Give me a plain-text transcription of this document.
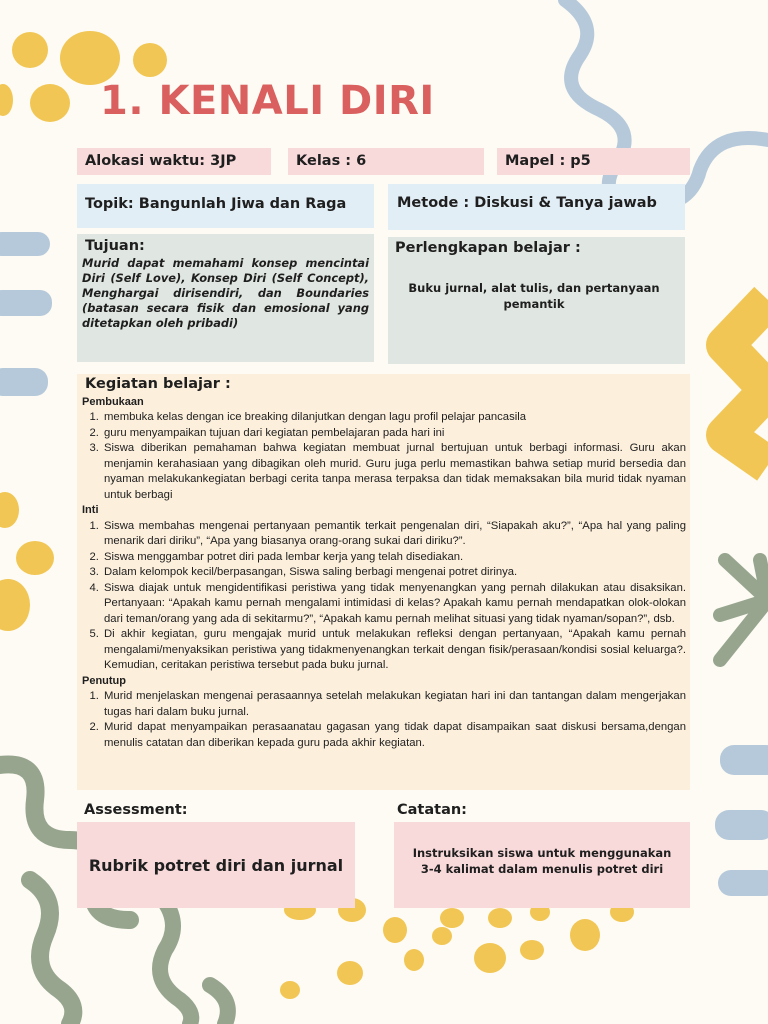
1. KENALI DIRI
Alokasi waktu: 3JP	Kelas : 6	Mapel : p5
Topik: Bangunlah Jiwa dan Raga	Metode : Diskusi & Tanya jawab
Tujuan:
Murid dapat memahami konsep mencintai Diri (Self Love), Konsep Diri (Self Concept), Menghargai dirisendiri, dan Boundaries (batasan secara fisik dan emosional yang ditetapkan oleh pribadi)
Perlengkapan belajar :
Buku jurnal, alat tulis, dan pertanyaan pemantik
Kegiatan belajar :
Pembukaan
1. membuka kelas dengan ice breaking dilanjutkan dengan lagu profil pelajar pancasila
2. guru menyampaikan tujuan dari kegiatan pembelajaran pada hari ini
3. Siswa diberikan pemahaman bahwa kegiatan membuat jurnal bertujuan untuk berbagi informasi. Guru akan menjamin kerahasiaan yang dibagikan oleh murid. Guru juga perlu memastikan bahwa setiap murid bersedia dan nyaman melakukankegiatan berbagi cerita tanpa merasa terpaksa dan tidak memaksakan bila murid tidak nyaman untuk berbagi
Inti
1. Siswa membahas mengenai pertanyaan pemantik terkait pengenalan diri, “Siapakah aku?”, “Apa hal yang paling menarik dari diriku”, “Apa yang biasanya orang-orang sukai dari diriku?”.
2. Siswa menggambar potret diri pada lembar kerja yang telah disediakan.
3. Dalam kelompok kecil/berpasangan, Siswa saling berbagi mengenai potret dirinya.
4. Siswa diajak untuk mengidentifikasi peristiwa yang tidak menyenangkan yang pernah dilakukan atau disaksikan. Pertanyaan: “Apakah kamu pernah mengalami intimidasi di kelas? Apakah kamu pernah mendapatkan olok-olokan dari teman/orang yang ada di sekitarmu?”, “Apakah kamu pernah melihat situasi yang tidak nyaman/sopan?”, dsb.
5. Di akhir kegiatan, guru mengajak murid untuk melakukan refleksi dengan pertanyaan, “Apakah kamu pernah mengalami/menyaksikan peristiwa yang tidakmenyenangkan terkait dengan fisik/perasaan/kondisi sosial keluarga?. Kemudian, ceritakan peristiwa tersebut pada buku jurnal.
Penutup
1. Murid menjelaskan mengenai perasaannya setelah melakukan kegiatan hari ini dan tantangan dalam mengerjakan tugas hari dalam buku jurnal.
2. Murid dapat menyampaikan perasaanatau gagasan yang tidak dapat disampaikan saat diskusi bersama,dengan menulis catatan dan diberikan kepada guru pada akhir kegiatan.
Assessment:
Rubrik potret diri dan jurnal
Catatan:
Instruksikan siswa untuk menggunakan 3-4 kalimat dalam menulis potret diri
